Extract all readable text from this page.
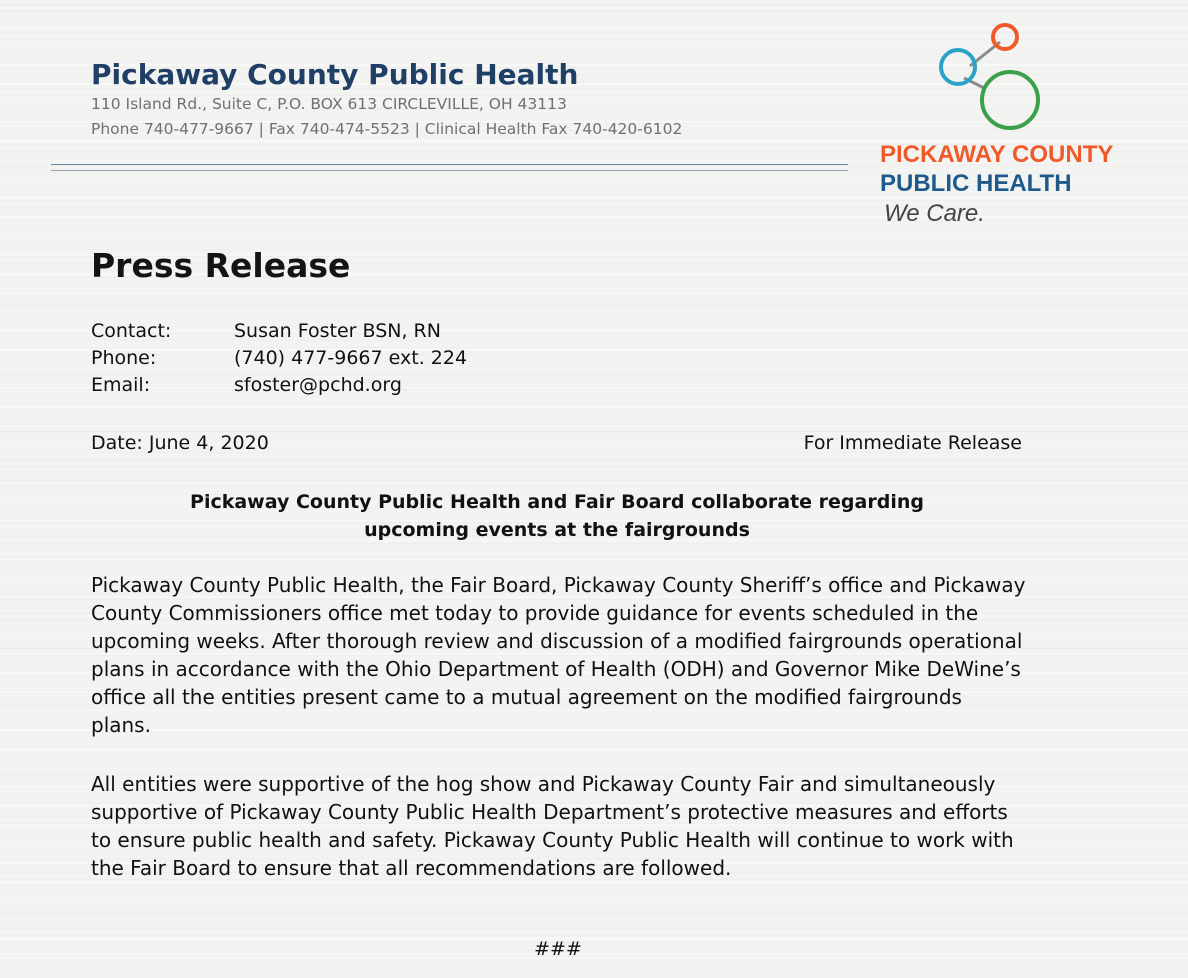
Pickaway County Public Health
110 Island Rd., Suite C, P.O. BOX 613 CIRCLEVILLE, OH 43113
Phone 740-477-9667 | Fax 740-474-5523 | Clinical Health Fax 740-420-6102
PICKAWAY COUNTY
PUBLIC HEALTH
We Care.
Press Release
Contact:	Susan Foster BSN, RN
Phone:	(740) 477-9667 ext. 224
Email:	sfoster@pchd.org
Date: June 4, 2020	For Immediate Release
Pickaway County Public Health and Fair Board collaborate regarding
upcoming events at the fairgrounds
Pickaway County Public Health, the Fair Board, Pickaway County Sheriff’s office and Pickaway County Commissioners office met today to provide guidance for events scheduled in the upcoming weeks. After thorough review and discussion of a modified fairgrounds operational plans in accordance with the Ohio Department of Health (ODH) and Governor Mike DeWine’s office all the entities present came to a mutual agreement on the modified fairgrounds plans.
All entities were supportive of the hog show and Pickaway County Fair and simultaneously supportive of Pickaway County Public Health Department’s protective measures and efforts to ensure public health and safety. Pickaway County Public Health will continue to work with the Fair Board to ensure that all recommendations are followed.
###
